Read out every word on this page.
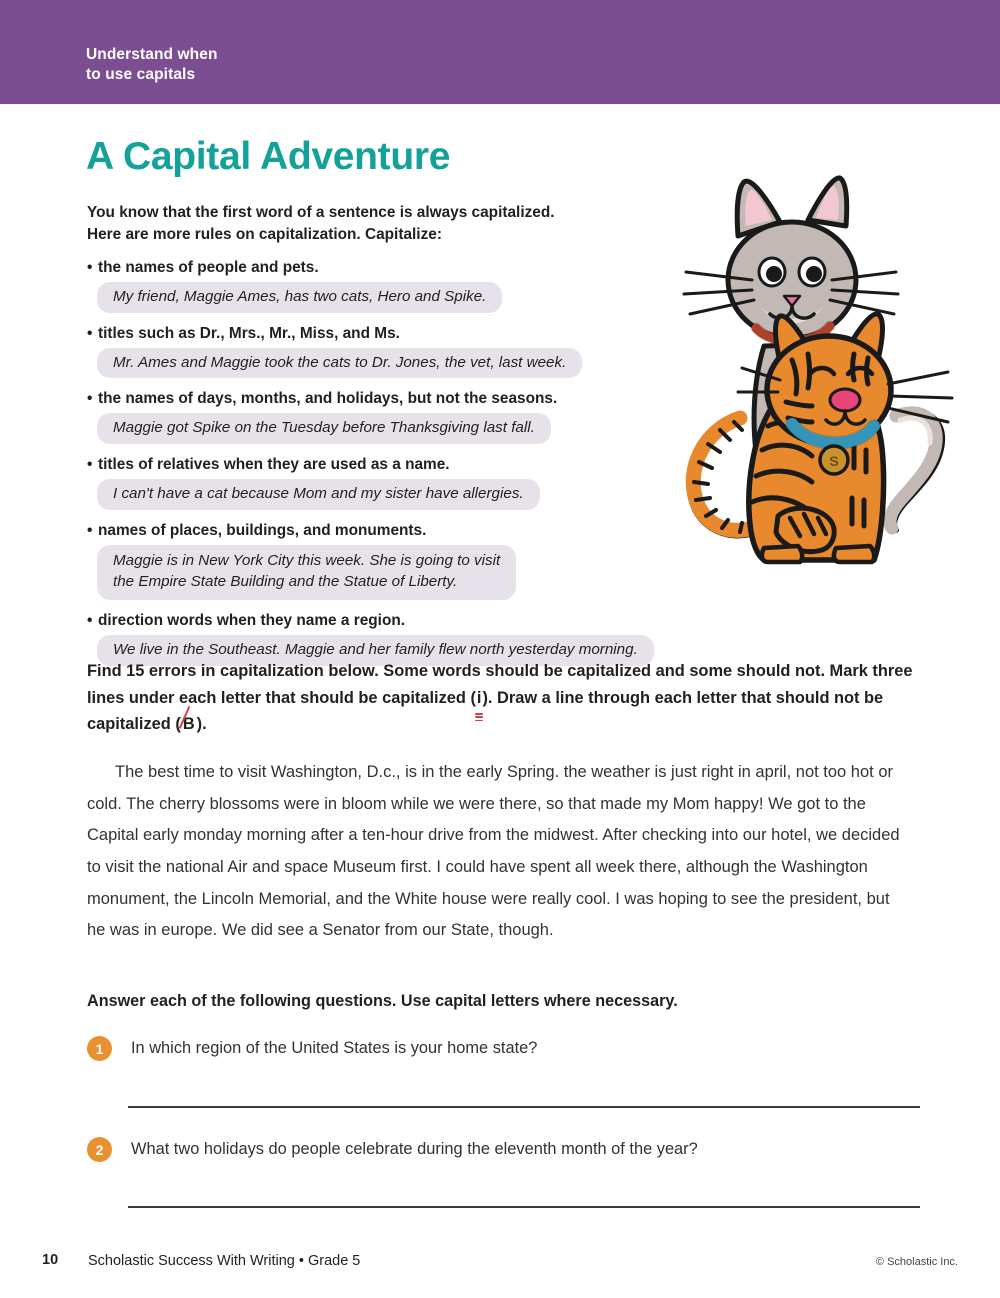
Understand when
to use capitals
A Capital Adventure
You know that the first word of a sentence is always capitalized.
Here are more rules on capitalization. Capitalize:
• the names of people and pets.
My friend, Maggie Ames, has two cats, Hero and Spike.
• titles such as Dr., Mrs., Mr., Miss, and Ms.
Mr. Ames and Maggie took the cats to Dr. Jones, the vet, last week.
• the names of days, months, and holidays, but not the seasons.
Maggie got Spike on the Tuesday before Thanksgiving last fall.
• titles of relatives when they are used as a name.
I can't have a cat because Mom and my sister have allergies.
• names of places, buildings, and monuments.
Maggie is in New York City this week. She is going to visit
the Empire State Building and the Statue of Liberty.
• direction words when they name a region.
We live in the Southeast. Maggie and her family flew north yesterday morning.
S
Find 15 errors in capitalization below. Some words should be capitalized and some should not. Mark three lines under each letter that should be capitalized (i
). Draw a line through each letter that should not be capitalized ( B ).
The best time to visit Washington, D.c., is in the early Spring. the weather is just right in april, not too hot or cold. The cherry blossoms were in bloom while we were there, so that made my Mom happy! We got to the Capital early monday morning after a ten-hour drive from the midwest. After checking into our hotel, we decided to visit the national Air and space Museum first. I could have spent all week there, although the Washington monument, the Lincoln Memorial, and the White house were really cool. I was hoping to see the president, but he was in europe. We did see a Senator from our State, though.
Answer each of the following questions. Use capital letters where necessary.
1	In which region of the United States is your home state?
2	What two holidays do people celebrate during the eleventh month of the year?
10 Scholastic Success With Writing • Grade 5	© Scholastic Inc.
